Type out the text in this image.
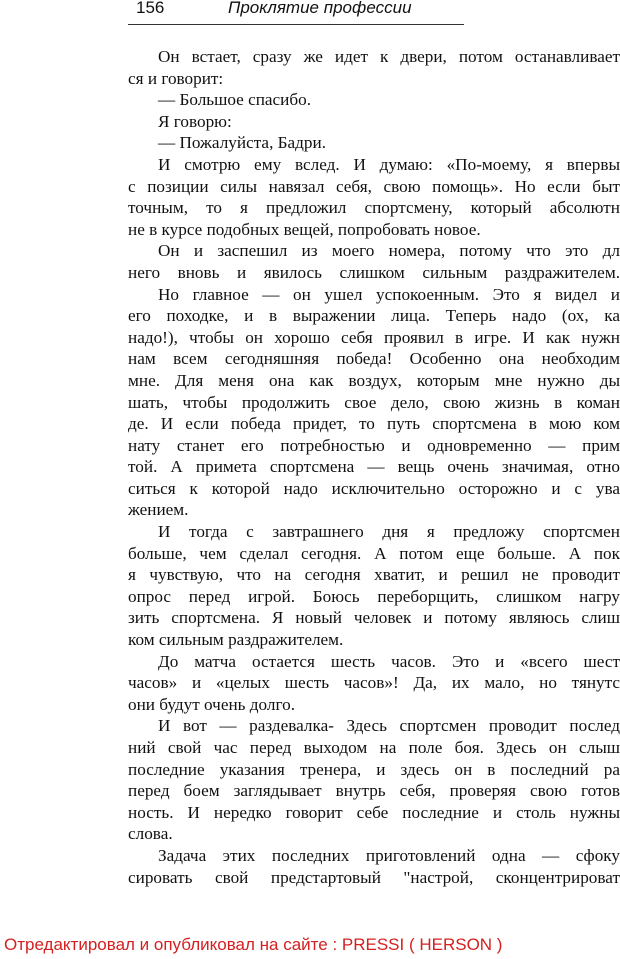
156	Проклятие профессии
Он встает, сразу же идет к двери, потом останавливает
ся и говорит:
— Большое спасибо.
Я говорю:
— Пожалуйста, Бадри.
И смотрю ему вслед. И думаю: «По-моему, я впервы
с позиции силы навязал себя, свою помощь». Но если быт
точным, то я предложил спортсмену, который абсолютн
не в курсе подобных вещей, попробовать новое.
Он и заспешил из моего номера, потому что это дл
него вновь и явилось слишком сильным раздражителем.
Но главное — он ушел успокоенным. Это я видел и
его походке, и в выражении лица. Теперь надо (ох, ка
надо!), чтобы он хорошо себя проявил в игре. И как нужн
нам всем сегодняшняя победа! Особенно она необходим
мне. Для меня она как воздух, которым мне нужно ды
шать, чтобы продолжить свое дело, свою жизнь в коман
де. И если победа придет, то путь спортсмена в мою ком
нату станет его потребностью и одновременно — прим
той. А примета спортсмена — вещь очень значимая, отно
ситься к которой надо исключительно осторожно и с ува
жением.
И тогда с завтрашнего дня я предложу спортсмен
больше, чем сделал сегодня. А потом еще больше. А пок
я чувствую, что на сегодня хватит, и решил не проводит
опрос перед игрой. Боюсь переборщить, слишком нагру
зить спортсмена. Я новый человек и потому являюсь слиш
ком сильным раздражителем.
До матча остается шесть часов. Это и «всего шест
часов» и «целых шесть часов»! Да, их мало, но тянутс
они будут очень долго.
И вот — раздевалка- Здесь спортсмен проводит послед
ний свой час перед выходом на поле боя. Здесь он слыш
последние указания тренера, и здесь он в последний ра
перед боем заглядывает внутрь себя, проверяя свою готов
ность. И нередко говорит себе последние и столь нужны
слова.
Задача этих последних приготовлений одна — сфоку
сировать свой предстартовый "настрой, сконцентрироват
Отредактировал и опубликовал на сайте : PRESSI ( HERSON )
